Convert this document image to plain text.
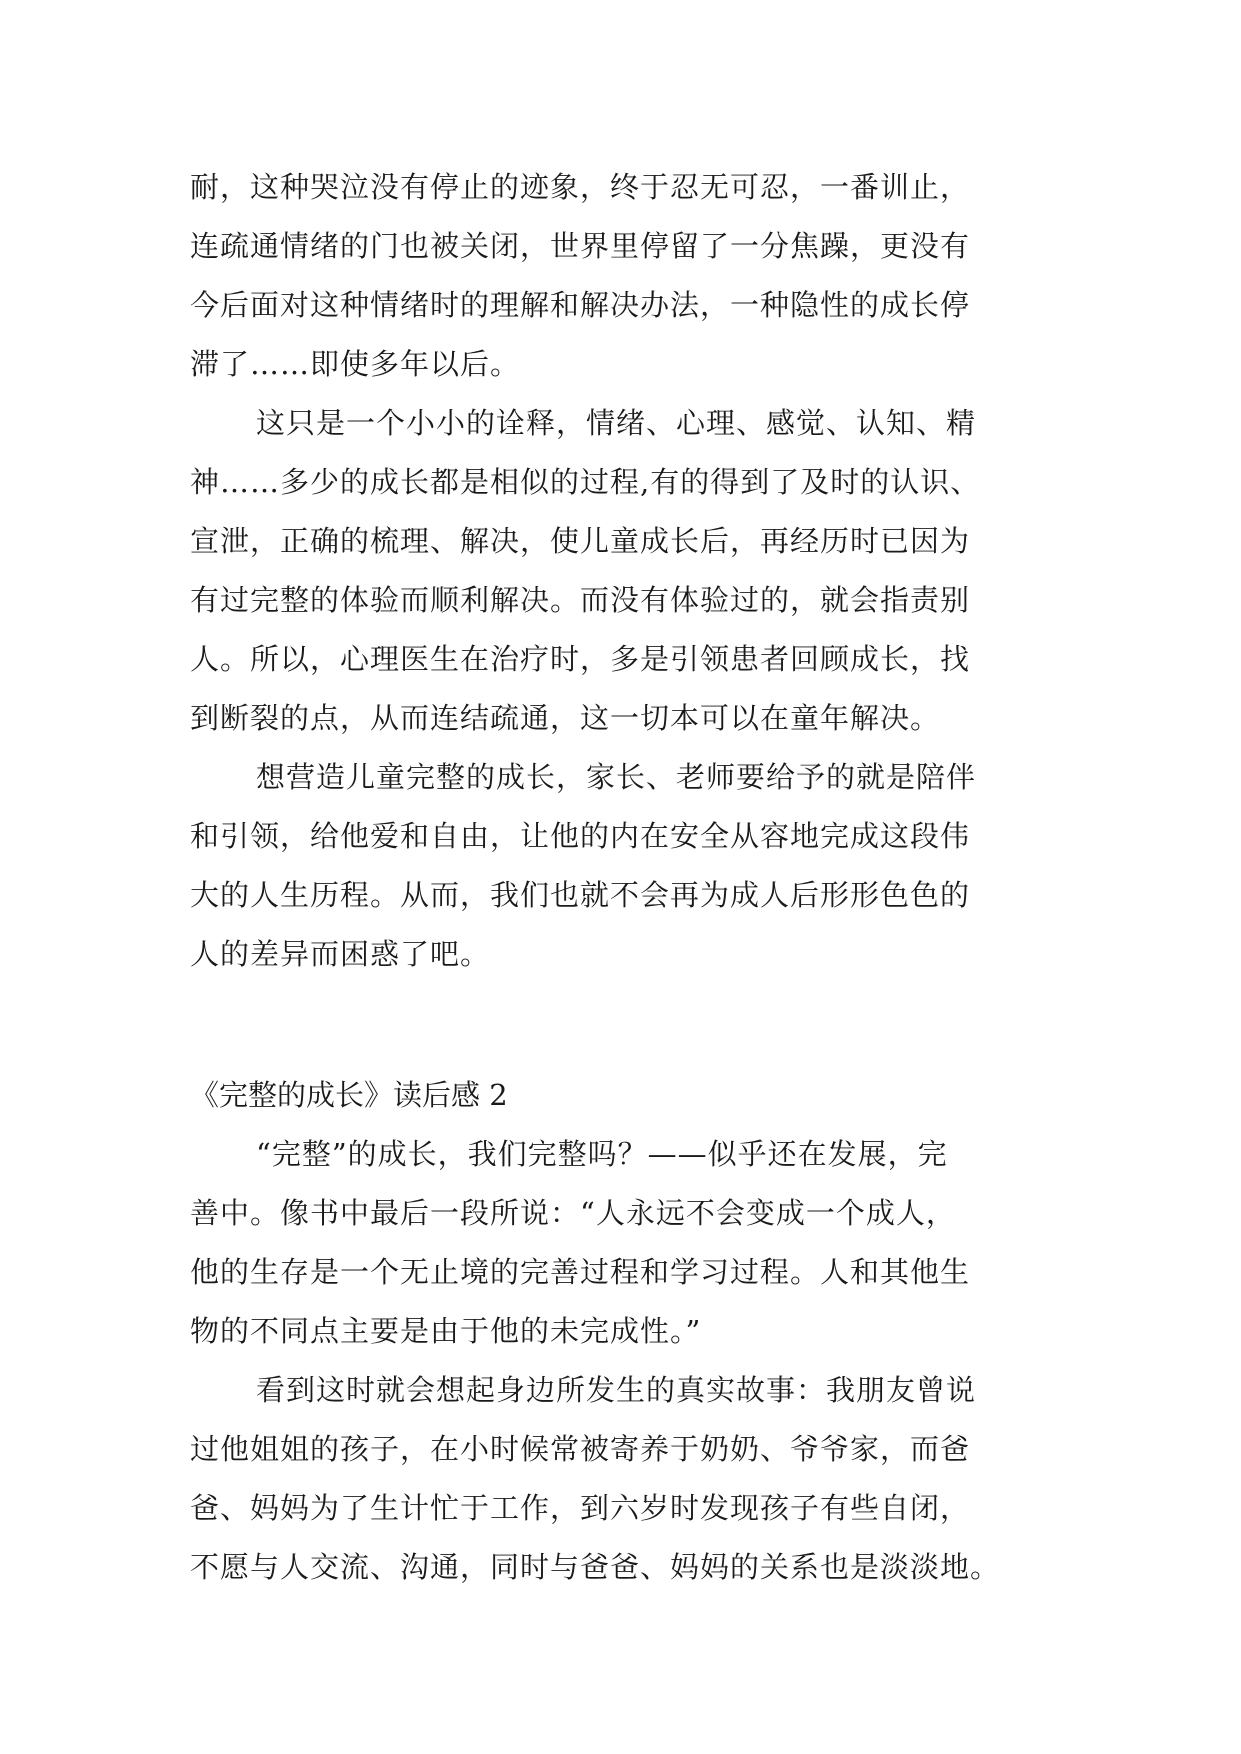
耐，这种哭泣没有停止的迹象，终于忍无可忍，一番训止，
连疏通情绪的门也被关闭，世界里停留了一分焦躁，更没有
今后面对这种情绪时的理解和解决办法，一种隐性的成长停
滞了……即使多年以后。
这只是一个小小的诠释，情绪、心理、感觉、认知、精
神……多少的成长都是相似的过程,有的得到了及时的认识、
宣泄，正确的梳理、解决，使儿童成长后，再经历时已因为
有过完整的体验而顺利解决。而没有体验过的，就会指责别
人。所以，心理医生在治疗时，多是引领患者回顾成长，找
到断裂的点，从而连结疏通，这一切本可以在童年解决。
想营造儿童完整的成长，家长、老师要给予的就是陪伴
和引领，给他爱和自由，让他的内在安全从容地完成这段伟
大的人生历程。从而，我们也就不会再为成人后形形色色的
人的差异而困惑了吧。
《完整的成长》读后感 2
“完整”的成长，我们完整吗？——似乎还在发展，完
善中。像书中最后一段所说：“人永远不会变成一个成人，
他的生存是一个无止境的完善过程和学习过程。人和其他生
物的不同点主要是由于他的未完成性。”
看到这时就会想起身边所发生的真实故事：我朋友曾说
过他姐姐的孩子，在小时候常被寄养于奶奶、爷爷家，而爸
爸、妈妈为了生计忙于工作，到六岁时发现孩子有些自闭，
不愿与人交流、沟通，同时与爸爸、妈妈的关系也是淡淡地。
